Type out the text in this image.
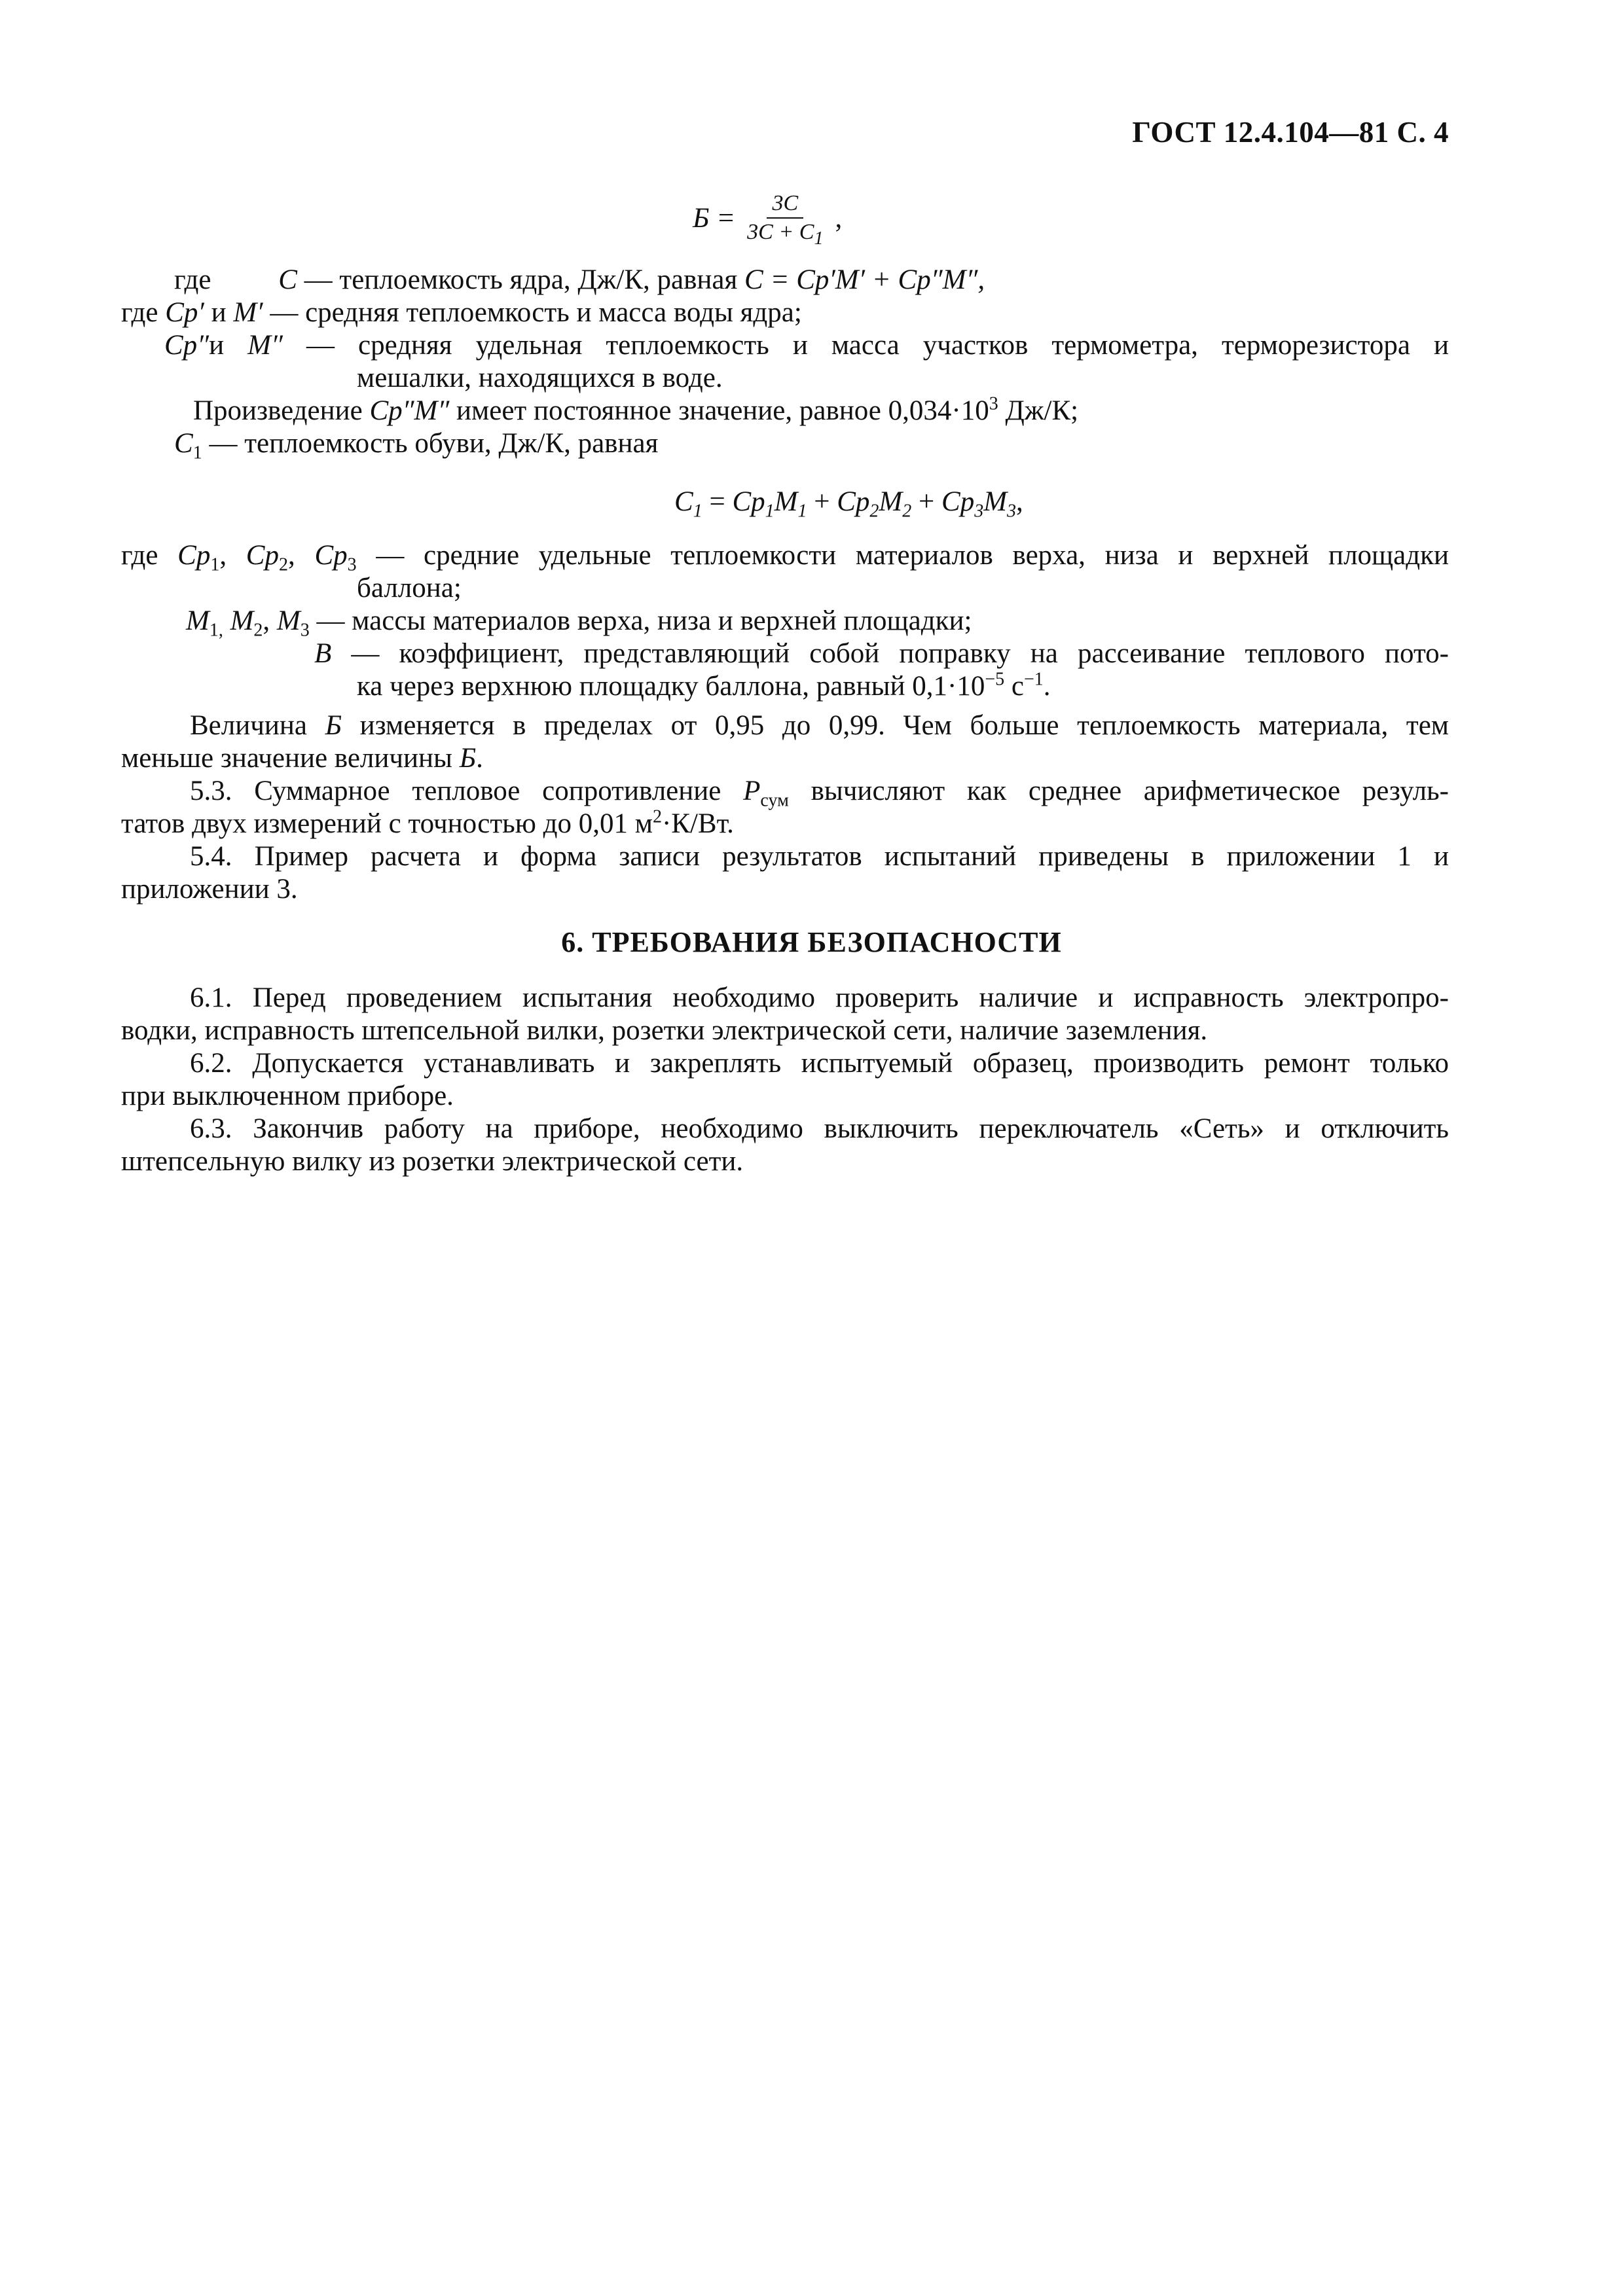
ГОСТ 12.4.104—81 С. 4
$Б = \frac{3С}{3С + С_1}$ ,
где С — теплоемкость ядра, Дж/К, равная С = Ср′М′ + Ср″М″,
где Ср′ и М′ — средняя теплоемкость и масса воды ядра;
Ср″и М″ — средняя удельная теплоемкость и масса участков термометра, терморезистора и
мешалки, находящихся в воде.
Произведение Ср″М″ имеет постоянное значение, равное $0,034\cdot 10^3$ Дж/К;
$С_1$ — теплоемкость обуви, Дж/К, равная
$С_1 = Ср_1М_1 + Ср_2М_2 + Ср_3М_3$,
где $Ср_1$, $Ср_2$, $Ср_3$ — средние удельные теплоемкости материалов верха, низа и верхней площадки
баллона;
$М_{1,}$ $М_2$, $М_3$ — массы материалов верха, низа и верхней площадки;
В — коэффициент, представляющий собой поправку на рассеивание теплового пото-
ка через верхнюю площадку баллона, равный $0,1\cdot 10^{-5}$ $с^{-1}$.
Величина Б изменяется в пределах от 0,95 до 0,99. Чем больше теплоемкость материала, тем
меньше значение величины Б.
5.3. Суммарное тепловое сопротивление $Р_{сум}$ вычисляют как среднее арифметическое резуль-
татов двух измерений с точностью до 0,01 $м^2\cdot К/Вт$.
5.4. Пример расчета и форма записи результатов испытаний приведены в приложении 1 и
приложении 3.
6. ТРЕБОВАНИЯ БЕЗОПАСНОСТИ
6.1. Перед проведением испытания необходимо проверить наличие и исправность электропро-
водки, исправность штепсельной вилки, розетки электрической сети, наличие заземления.
6.2. Допускается устанавливать и закреплять испытуемый образец, производить ремонт только
при выключенном приборе.
6.3. Закончив работу на приборе, необходимо выключить переключатель «Сеть» и отключить
штепсельную вилку из розетки электрической сети.
